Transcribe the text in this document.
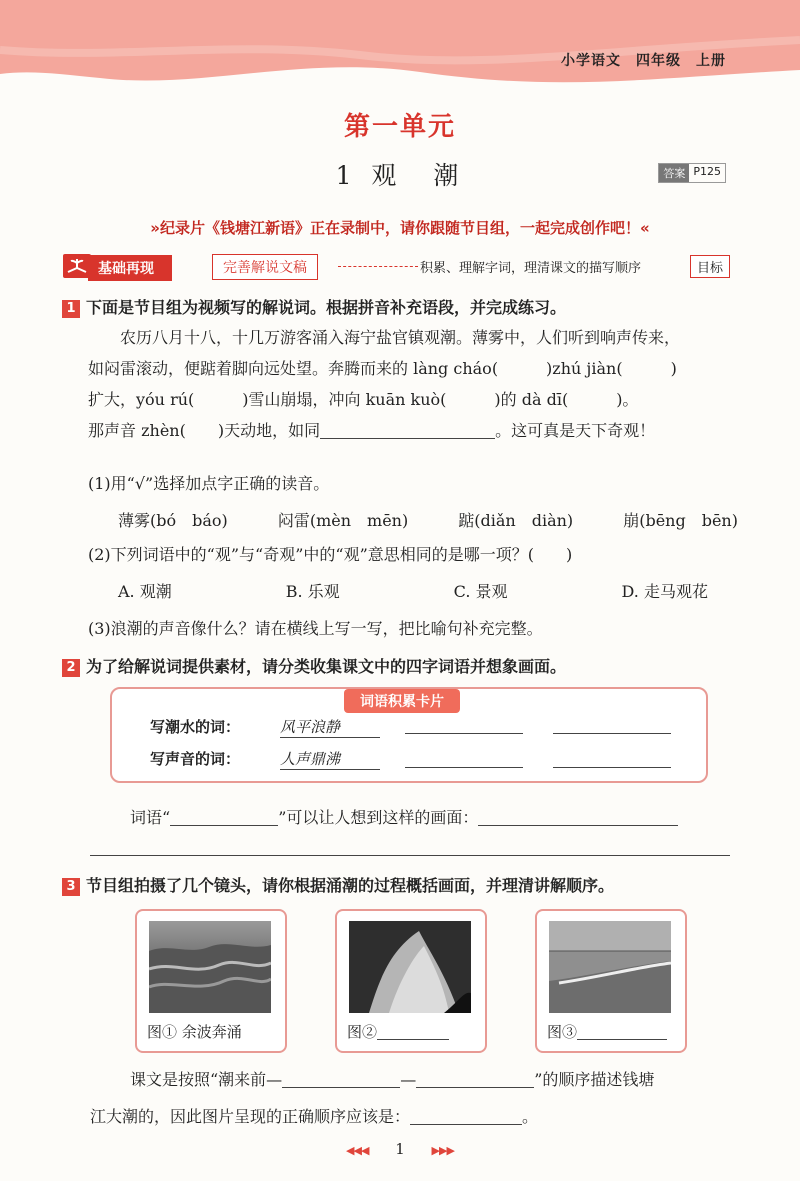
小学语文　四年级　上册
第一单元
1 观　潮	答案 P125
»纪录片《钱塘江新语》正在录制中，请你跟随节目组，一起完成创作吧！«
基础再现	完善解说文稿	积累、理解字词，理清课文的描写顺序	目标
1 下面是节目组为视频写的解说词。根据拼音补充语段，并完成练习。
农历八月十八，十几万游客涌入海宁盐官镇观潮。薄雾中，人们听到响声传来，
如闷雷滚动，便踮着脚向远处望。奔腾而来的 làng cháo(　　　)zhú jiàn(　　　)
扩大，yóu rú(　　　)雪山崩塌，冲向 kuān kuò(　　　)的 dà dī(　　　)。
那声音 zhèn(　　)天动地，如同	。这可真是天下奇观！
(1)用“√”选择加点字正确的读音。
薄雾(bó　báo)	闷雷(mèn　mēn)	踮(diǎn　diàn)	崩(bēng　bēn)
(2)下列词语中的“观”与“奇观”中的“观”意思相同的是哪一项？(　　)
A. 观潮	B. 乐观	C. 景观	D. 走马观花
(3)浪潮的声音像什么？请在横线上写一写，把比喻句补充完整。
2 为了给解说词提供素材，请分类收集课文中的四字词语并想象画面。
词语积累卡片
写潮水的词：	风平浪静
写声音的词：	人声鼎沸
词语“	”可以让人想到这样的画面：
3 节目组拍摄了几个镜头，请你根据涌潮的过程概括画面，并理清讲解顺序。
图① 余波奔涌	图②	图③
课文是按照“潮来前—	—	”的顺序描述钱塘
江大潮的，因此图片呈现的正确顺序应该是：	。
◀◀◀ 1 ▶▶▶
